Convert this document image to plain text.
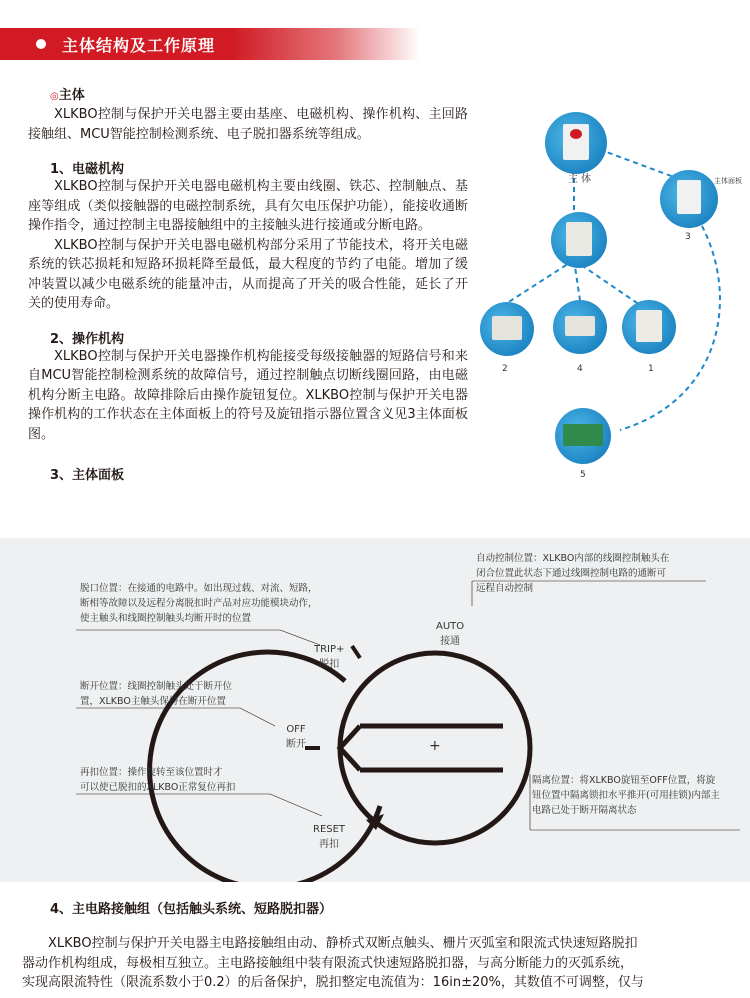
主体结构及工作原理
◎主体
XLKBO控制与保护开关电器主要由基座、电磁机构、操作机构、主回路接触组、MCU智能控制检测系统、电子脱扣器系统等组成。
1、电磁机构
XLKBO控制与保护开关电器电磁机构主要由线圈、铁芯、控制触点、基座等组成（类似接触器的电磁控制系统，具有欠电压保护功能），能接收通断操作指令，通过控制主电器接触组中的主接触头进行接通或分断电路。
XLKBO控制与保护开关电器电磁机构部分采用了节能技术，将开关电磁系统的铁芯损耗和短路环损耗降至最低，最大程度的节约了电能。增加了缓冲装置以减少电磁系统的能量冲击，从而提高了开关的吸合性能，延长了开关的使用寿命。
2、操作机构
XLKBO控制与保护开关电器操作机构能接受每级接触器的短路信号和来自MCU智能控制检测系统的故障信号，通过控制触点切断线圈回路，由电磁机构分断主电路。故障排除后由操作旋钮复位。XLKBO控制与保护开关电器操作机构的工作状态在主体面板上的符号及旋钮指示器位置含义见3主体面板图。
3、主体面板
主 体	主体面板
3
2	4	1
5
自动控制位置：XLKBO内部的线圈控制触头在
闭合位置此状态下通过线圈控制电路的通断可
远程自动控制
脱口位置：在接通的电路中。如出现过载、对流、短路，
断相等故障以及远程分离脱扣时产品对应功能模块动作，
使主触头和线圈控制触头均断开时的位置
断开位置：线圈控制触头处于断开位
置，XLKBO主触头保持在断开位置
再扣位置：操作旋转至该位置时才
可以使已脱扣的XLKBO正常复位再扣
隔离位置：将XLKBO旋钮至OFF位置，将旋
钮位置中隔离锁扣水平推开(可用挂锁)内部主
电路已处于断开隔离状态
AUTO
接通
TRIP+
脱扣
OFF
断开
RESET
再扣
+
4、主电路接触组（包括触头系统、短路脱扣器）
XLKBO控制与保护开关电器主电路接触组由动、静桥式双断点触头、栅片灭弧室和限流式快速短路脱扣
器动作机构组成，每极相互独立。主电路接触组中装有限流式快速短路脱扣器，与高分断能力的灭弧系统，
实现高限流特性（限流系数小于0.2）的后备保护，脱扣整定电流值为：16in±20%，其数值不可调整，仅与
